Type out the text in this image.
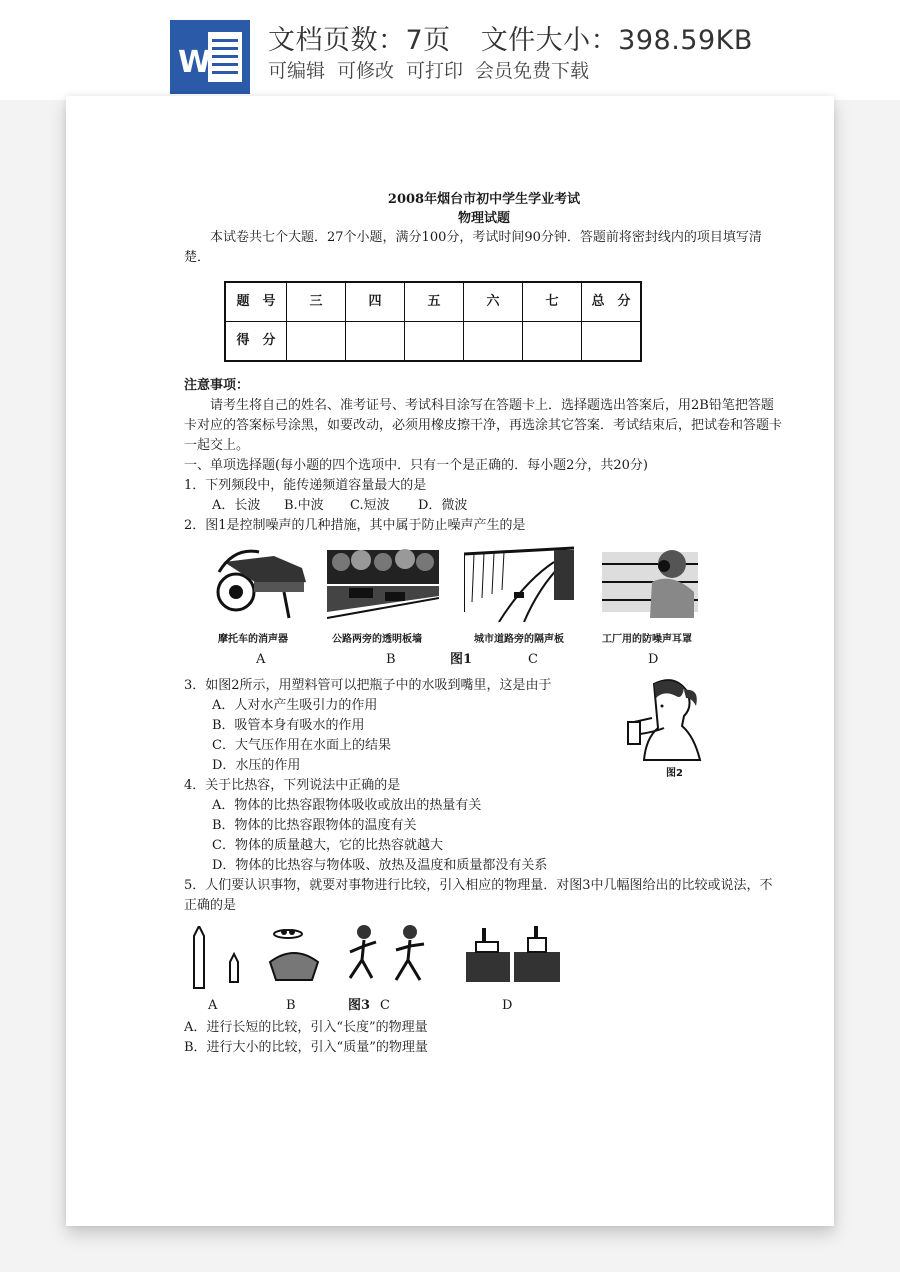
W
文档页数：7页 文件大小：398.59KB
可编辑 可修改 可打印 会员免费下载
2008年烟台市初中学生学业考试
物理试题
本试卷共七个大题．27个小题，满分100分，考试时间90分钟．答题前将密封线内的项目填写清楚．
题　号	三	四	五	六	七	总　分
得　分						
注意事项：
请考生将自己的姓名、准考证号、考试科目涂写在答题卡上．选择题选出答案后，用2B铅笔把答题卡对应的答案标号涂黑，如要改动，必须用橡皮擦干净，再选涂其它答案．考试结束后，把试卷和答题卡一起交上。
一、单项选择题(每小题的四个选项中．只有一个是正确的．每小题2分，共20分)
1．下列频段中，能传递频道容量最大的是
A．长波 B.中波 C.短波 D．微波
2．图1是控制噪声的几种措施，其中属于防止噪声产生的是
摩托车的消声器	公路两旁的透明板墙	城市道路旁的隔声板	工厂用的防噪声耳罩
A	B	图1	C	D
3．如图2所示，用塑料管可以把瓶子中的水吸到嘴里，这是由于
A．人对水产生吸引力的作用
B．吸管本身有吸水的作用
C．大气压作用在水面上的结果
D．水压的作用
图2
4．关于比热容，下列说法中正确的是
A．物体的比热容跟物体吸收或放出的热量有关
B．物体的比热容跟物体的温度有关
C．物体的质量越大，它的比热容就越大
D．物体的比热容与物体吸、放热及温度和质量都没有关系
5．人们要认识事物，就要对事物进行比较，引入相应的物理量．对图3中几幅图给出的比较或说法，不正确的是
A	B	图3 C	D
A．进行长短的比较，引入“长度”的物理量
B．进行大小的比较，引入“质量”的物理量
